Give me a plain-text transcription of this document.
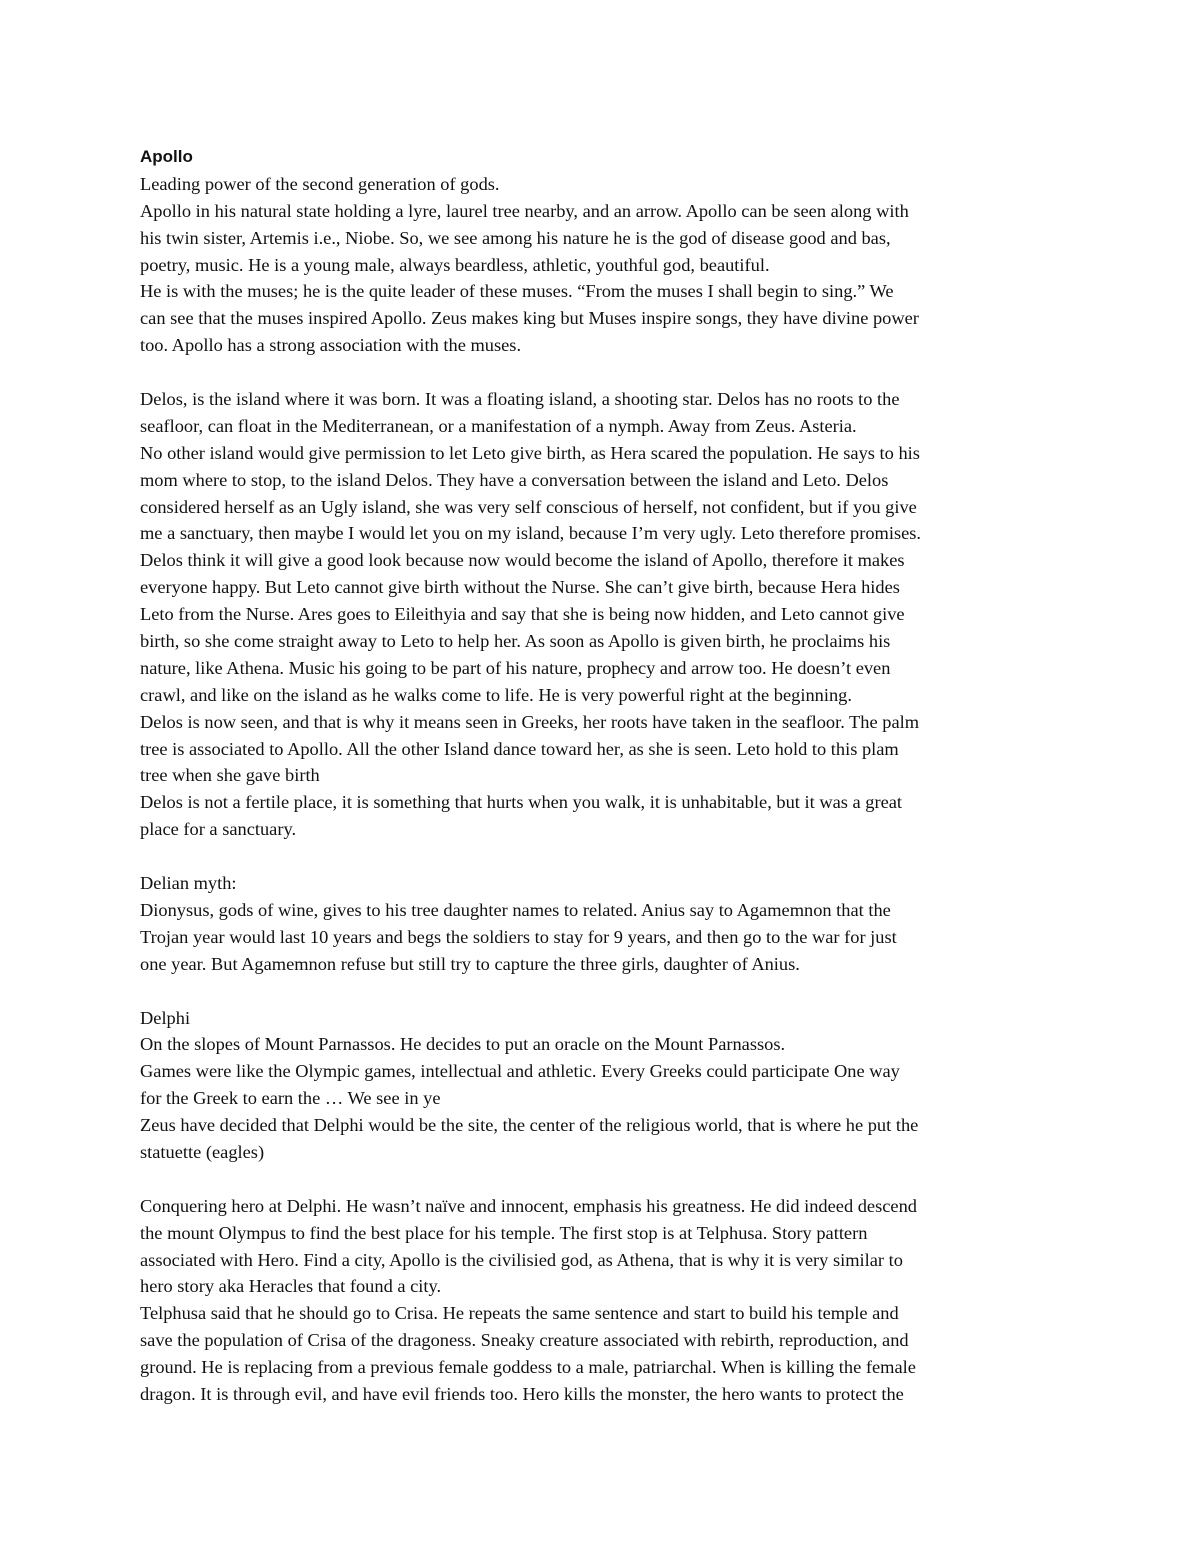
Apollo
Leading power of the second generation of gods.
Apollo in his natural state holding a lyre, laurel tree nearby, and an arrow. Apollo can be seen along with
his twin sister, Artemis i.e., Niobe. So, we see among his nature he is the god of disease good and bas,
poetry, music. He is a young male, always beardless, athletic, youthful god, beautiful.
He is with the muses; he is the quite leader of these muses. “From the muses I shall begin to sing.” We
can see that the muses inspired Apollo. Zeus makes king but Muses inspire songs, they have divine power
too. Apollo has a strong association with the muses.
Delos, is the island where it was born. It was a floating island, a shooting star. Delos has no roots to the
seafloor, can float in the Mediterranean, or a manifestation of a nymph. Away from Zeus. Asteria.
No other island would give permission to let Leto give birth, as Hera scared the population. He says to his
mom where to stop, to the island Delos. They have a conversation between the island and Leto. Delos
considered herself as an Ugly island, she was very self conscious of herself, not confident, but if you give
me a sanctuary, then maybe I would let you on my island, because I’m very ugly. Leto therefore promises.
Delos think it will give a good look because now would become the island of Apollo, therefore it makes
everyone happy. But Leto cannot give birth without the Nurse. She can’t give birth, because Hera hides
Leto from the Nurse. Ares goes to Eileithyia and say that she is being now hidden, and Leto cannot give
birth, so she come straight away to Leto to help her. As soon as Apollo is given birth, he proclaims his
nature, like Athena. Music his going to be part of his nature, prophecy and arrow too. He doesn’t even
crawl, and like on the island as he walks come to life. He is very powerful right at the beginning.
Delos is now seen, and that is why it means seen in Greeks, her roots have taken in the seafloor. The palm
tree is associated to Apollo. All the other Island dance toward her, as she is seen. Leto hold to this plam
tree when she gave birth
Delos is not a fertile place, it is something that hurts when you walk, it is unhabitable, but it was a great
place for a sanctuary.
Delian myth:
Dionysus, gods of wine, gives to his tree daughter names to related. Anius say to Agamemnon that the
Trojan year would last 10 years and begs the soldiers to stay for 9 years, and then go to the war for just
one year. But Agamemnon refuse but still try to capture the three girls, daughter of Anius.
Delphi
On the slopes of Mount Parnassos. He decides to put an oracle on the Mount Parnassos.
Games were like the Olympic games, intellectual and athletic. Every Greeks could participate One way
for the Greek to earn the … We see in ye
Zeus have decided that Delphi would be the site, the center of the religious world, that is where he put the
statuette (eagles)
Conquering hero at Delphi. He wasn’t naïve and innocent, emphasis his greatness. He did indeed descend
the mount Olympus to find the best place for his temple. The first stop is at Telphusa. Story pattern
associated with Hero. Find a city, Apollo is the civilisied god, as Athena, that is why it is very similar to
hero story aka Heracles that found a city.
Telphusa said that he should go to Crisa. He repeats the same sentence and start to build his temple and
save the population of Crisa of the dragoness. Sneaky creature associated with rebirth, reproduction, and
ground. He is replacing from a previous female goddess to a male, patriarchal. When is killing the female
dragon. It is through evil, and have evil friends too. Hero kills the monster, the hero wants to protect the
